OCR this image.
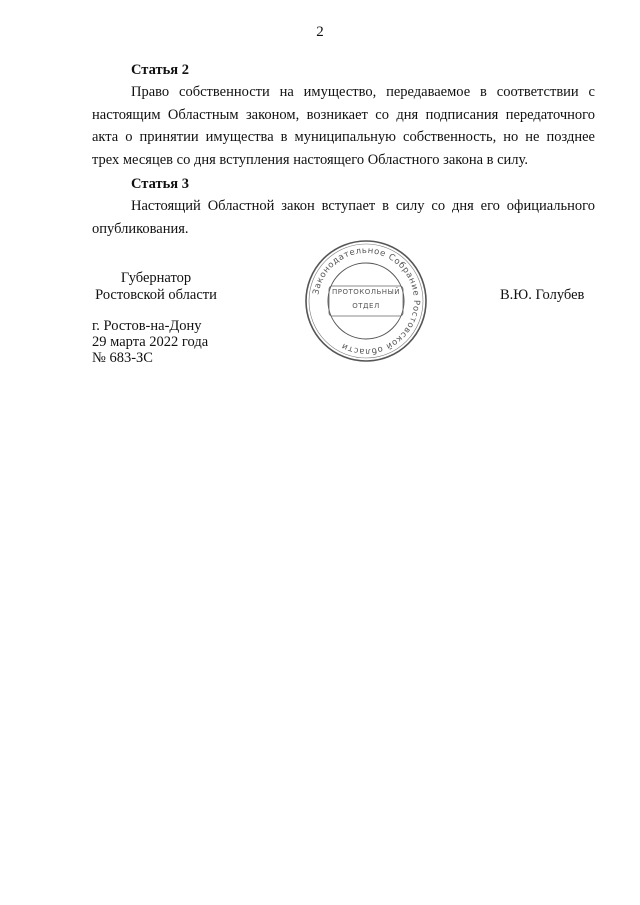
2
Статья 2

Право собственности на имущество, передаваемое в соответствии с настоящим Областным законом, возникает со дня подписания передаточного акта о принятии имущества в муниципальную собственность, но не позднее трех месяцев со дня вступления настоящего Областного закона в силу.

Статья 3

Настоящий Областной закон вступает в силу со дня его официального опубликования.

Губернатор
Ростовской области	Законодательное Собрание Ростовской области
ПРОТОКОЛЬНЫЙ
ОТДЕЛ
В.Ю. Голубев
г. Ростов-на-Дону
29 марта 2022 года
№ 683-ЗС
